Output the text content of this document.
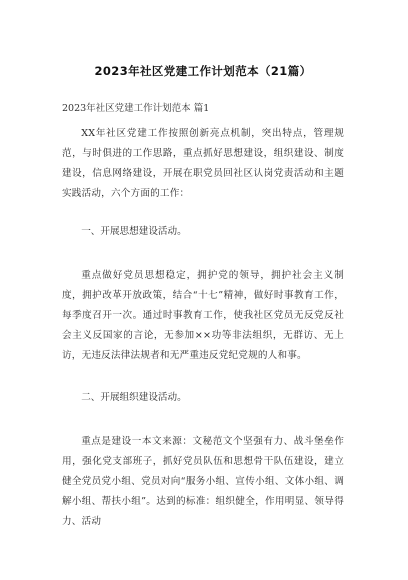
2023年社区党建工作计划范本（21篇）
2023年社区党建工作计划范本 篇1

XX年社区党建工作按照创新亮点机制，突出特点，管理规范，与时俱进的工作思路，重点抓好思想建设，组织建设、制度建设，信息网络建设，开展在职党员回社区认岗党责活动和主题实践活动，六个方面的工作：

一、开展思想建设活动。

重点做好党员思想稳定，拥护党的领导，拥护社会主义制度，拥护改革开放政策，结合“十七”精神，做好时事教育工作，每季度召开一次。通过时事教育工作，使我社区党员无反党反社会主义反国家的言论，无参加××功等非法组织，无群访、无上访，无违反法律法规者和无严重违反党纪党规的人和事。

二、开展组织建设活动。

重点是建设一本文来源：文秘范文个坚强有力、战斗堡垒作用，强化党支部班子，抓好党员队伍和思想骨干队伍建设，建立健全党员党小组、党员对向“服务小组、宣传小组、文体小组、调解小组、帮扶小组”。达到的标准：组织健全，作用明显、领导得力、活动
